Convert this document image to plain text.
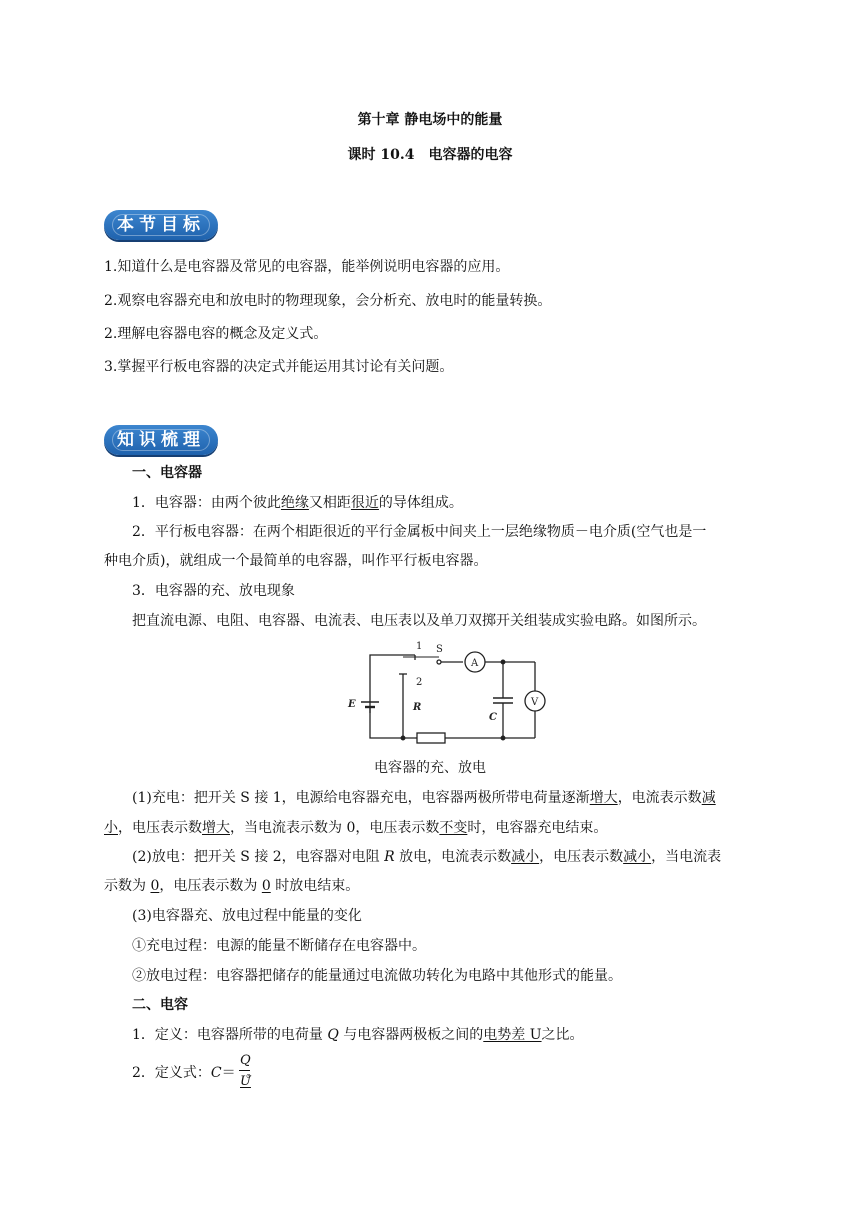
第十章 静电场中的能量
课时 10.4　电容器的电容
本节目标
1.知道什么是电容器及常见的电容器，能举例说明电容器的应用。
2.观察电容器充电和放电时的物理现象，会分析充、放电时的能量转换。
2.理解电容器电容的概念及定义式。
3.掌握平行板电容器的决定式并能运用其讨论有关问题。
知识梳理
一、电容器
1．电容器：由两个彼此绝缘又相距很近的导体组成。
2．平行板电容器：在两个相距很近的平行金属板中间夹上一层绝缘物质－电介质(空气也是一
种电介质)，就组成一个最简单的电容器，叫作平行板电容器。
3．电容器的充、放电现象
把直流电源、电阻、电容器、电流表、电压表以及单刀双掷开关组装成实验电路。如图所示。
1 S
A
2
V
E	R
C
电容器的充、放电
(1)充电：把开关 S 接 1，电源给电容器充电，电容器两极所带电荷量逐渐增大，电流表示数减
小，电压表示数增大，当电流表示数为 0，电压表示数不变时，电容器充电结束。
(2)放电：把开关 S 接 2，电容器对电阻 R 放电，电流表示数减小，电压表示数减小，当电流表
示数为 0，电压表示数为 0 时放电结束。
(3)电容器充、放电过程中能量的变化
①充电过程：电源的能量不断储存在电容器中。
②放电过程：电容器把储存的能量通过电流做功转化为电路中其他形式的能量。
二、电容
1．定义：电容器所带的电荷量 Q 与电容器两极板之间的电势差 U之比。
2．定义式：C＝
Q
U
。
